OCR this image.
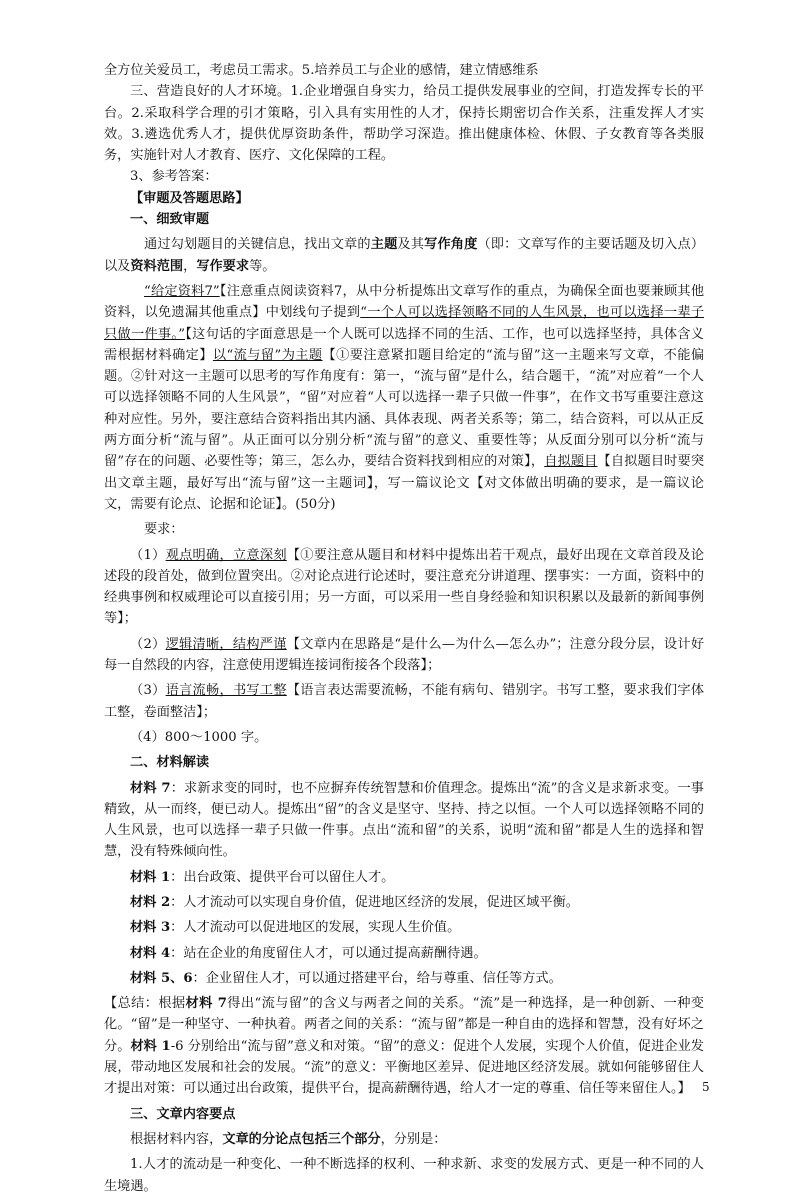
全方位关爱员工，考虑员工需求。5.培养员工与企业的感情，建立情感维系

三、营造良好的人才环境。1.企业增强自身实力，给员工提供发展事业的空间，打造发挥专长的平台。2.采取科学合理的引才策略，引入具有实用性的人才，保持长期密切合作关系，注重发挥人才实效。3.遴选优秀人才，提供优厚资助条件，帮助学习深造。推出健康体检、休假、子女教育等各类服务，实施针对人才教育、医疗、文化保障的工程。

3、参考答案：

【审题及答题思路】

一、细致审题

通过勾划题目的关键信息，找出文章的主题及其写作角度（即：文章写作的主要话题及切入点）以及资料范围，写作要求等。

“给定资料7”【注意重点阅读资料7，从中分析提炼出文章写作的重点，为确保全面也要兼顾其他资料，以免遗漏其他重点】中划线句子提到“一个人可以选择领略不同的人生风景，也可以选择一辈子只做一件事。”【这句话的字面意思是一个人既可以选择不同的生活、工作，也可以选择坚持，具体含义需根据材料确定】以“流与留”为主题【①要注意紧扣题目给定的“流与留”这一主题来写文章，不能偏题。②针对这一主题可以思考的写作角度有：第一，“流与留”是什么，结合题干，“流”对应着“一个人可以选择领略不同的人生风景”，“留”对应着“人可以选择一辈子只做一件事”，在作文书写重要注意这种对应性。另外，要注意结合资料指出其内涵、具体表现、两者关系等；第二，结合资料，可以从正反两方面分析“流与留”。从正面可以分别分析“流与留”的意义、重要性等；从反面分别可以分析“流与留”存在的问题、必要性等；第三，怎么办，要结合资料找到相应的对策】，自拟题目【自拟题目时要突出文章主题，最好写出“流与留”这一主题词】，写一篇议论文【对文体做出明确的要求，是一篇议论文，需要有论点、论据和论证】。(50分)

要求：

（1）观点明确，立意深刻【①要注意从题目和材料中提炼出若干观点，最好出现在文章首段及论述段的段首处，做到位置突出。②对论点进行论述时，要注意充分讲道理、摆事实：一方面，资料中的经典事例和权威理论可以直接引用；另一方面，可以采用一些自身经验和知识积累以及最新的新闻事例等】；

（2）逻辑清晰，结构严谨【文章内在思路是“是什么—为什么—怎么办”；注意分段分层，设计好每一自然段的内容，注意使用逻辑连接词衔接各个段落】；

（3）语言流畅，书写工整【语言表达需要流畅，不能有病句、错别字。书写工整，要求我们字体工整，卷面整洁】；

（4）800～1000 字。

二、材料解读

材料 7：求新求变的同时，也不应摒弃传统智慧和价值理念。提炼出“流”的含义是求新求变。一事精致，从一而终，便已动人。提炼出“留”的含义是坚守、坚持、持之以恒。一个人可以选择领略不同的人生风景，也可以选择一辈子只做一件事。点出“流和留”的关系，说明“流和留”都是人生的选择和智慧，没有特殊倾向性。

材料 1：出台政策、提供平台可以留住人才。

材料 2：人才流动可以实现自身价值，促进地区经济的发展，促进区域平衡。

材料 3：人才流动可以促进地区的发展，实现人生价值。

材料 4：站在企业的角度留住人才，可以通过提高薪酬待遇。

材料 5、6：企业留住人才，可以通过搭建平台，给与尊重、信任等方式。

【总结：根据材料 7得出“流与留”的含义与两者之间的关系。“流”是一种选择，是一种创新、一种变化。“留”是一种坚守、一种执着。两者之间的关系：“流与留”都是一种自由的选择和智慧，没有好坏之分。材料 1-6 分别给出“流与留”意义和对策。“留”的意义：促进个人发展，实现个人价值，促进企业发展，带动地区发展和社会的发展。“流”的意义：平衡地区差异、促进地区经济发展。就如何能够留住人才提出对策：可以通过出台政策，提供平台，提高薪酬待遇，给人才一定的尊重、信任等来留住人。】

三、文章内容要点

根据材料内容，文章的分论点包括三个部分，分别是：

1.人才的流动是一种变化、一种不断选择的权利、一种求新、求变的发展方式、更是一种不同的人生境遇。

5
